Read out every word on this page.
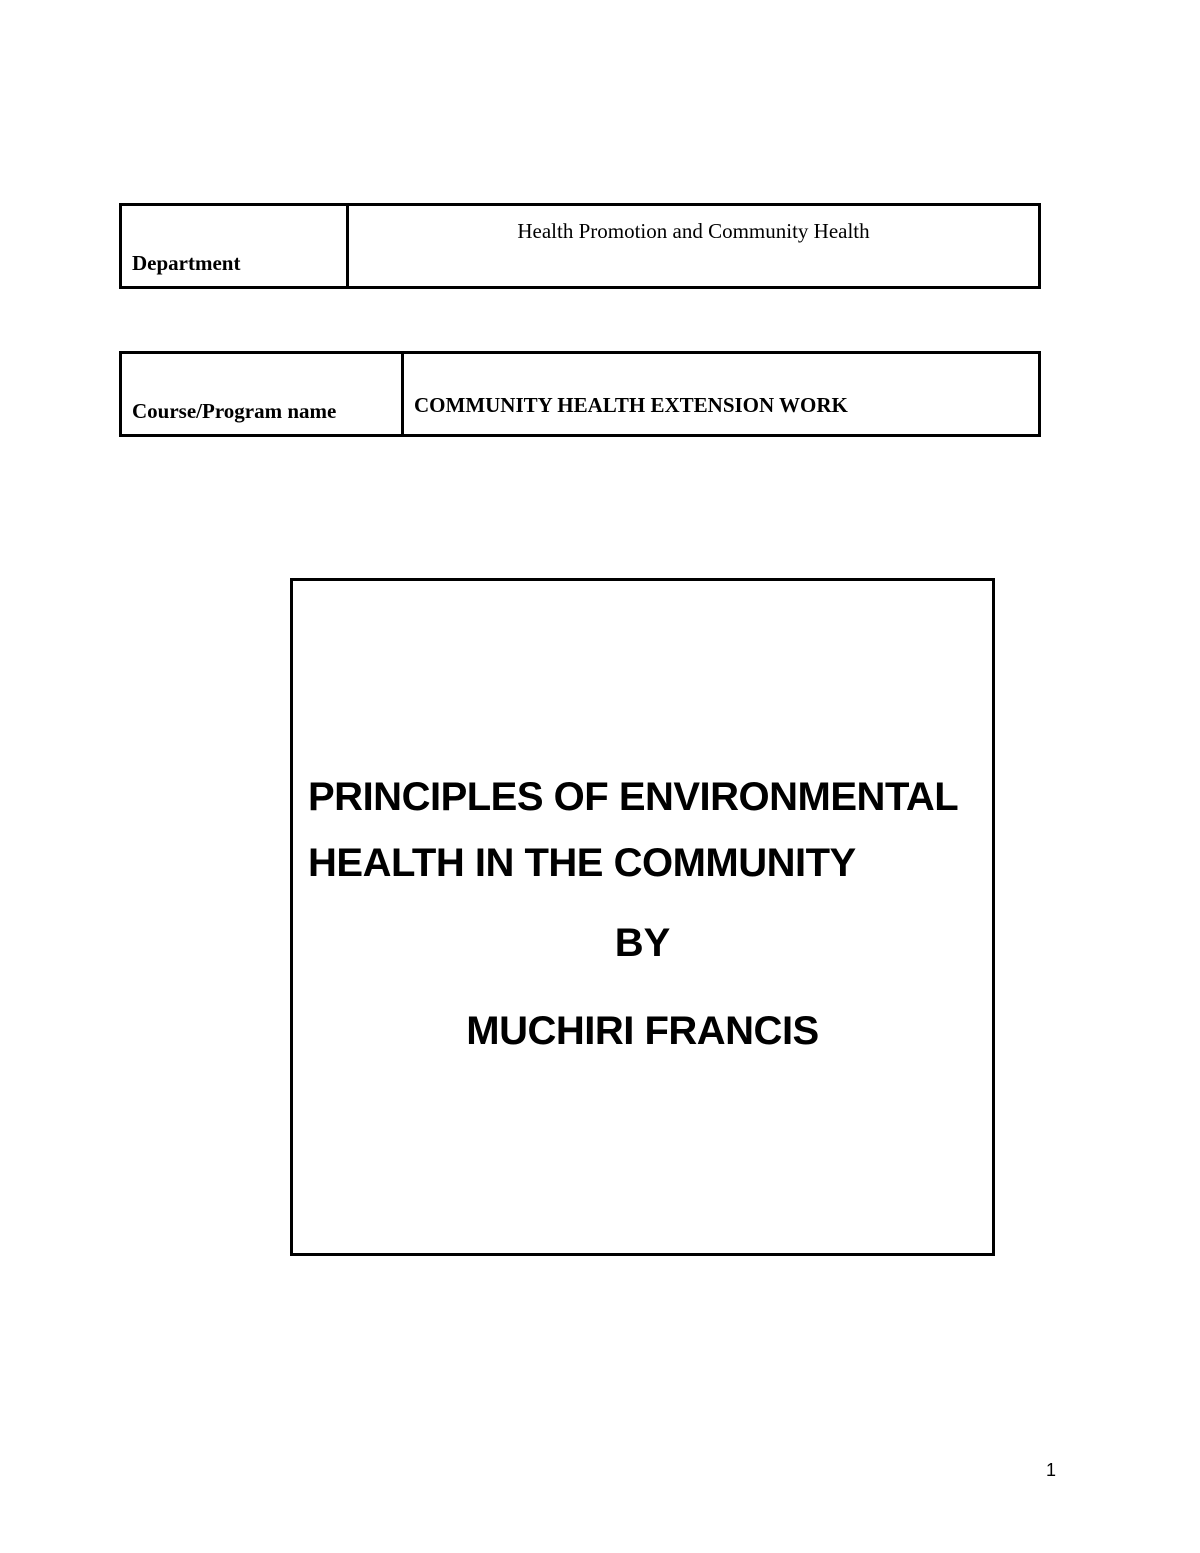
Department
Health Promotion and Community Health
Course/Program name	COMMUNITY HEALTH EXTENSION WORK
PRINCIPLES OF ENVIRONMENTAL
HEALTH IN THE COMMUNITY
BY
MUCHIRI FRANCIS
1
